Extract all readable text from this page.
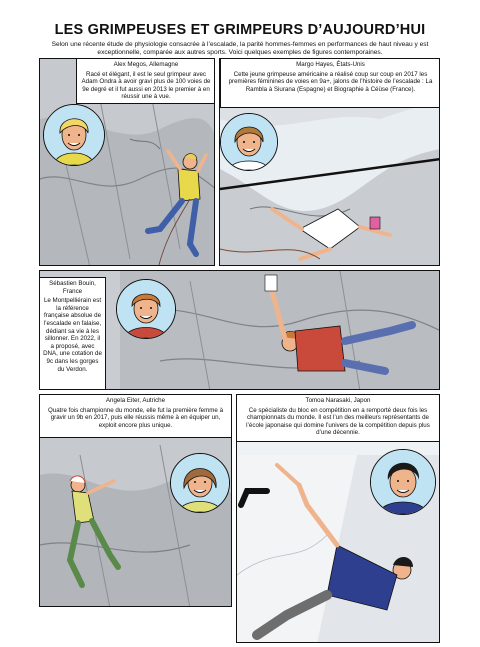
LES GRIMPEUSES ET GRIMPEURS D’AUJOURD’HUI
Selon une récente étude de physiologie consacrée à l’escalade, la parité hommes-femmes en performances de haut niveau y est exceptionnelle, comparée aux autres sports. Voici quelques exemples de figures contemporaines.
Alex Megos, Allemagne
Racé et élégant, il est le seul grimpeur avec Adam Ondra à avoir gravi plus de 100 voies de 9e degré et il fut aussi en 2013 le premier à en réussir une à vue.
Margo Hayes, États-Unis
Cette jeune grimpeuse américaine a réalisé coup sur coup en 2017 les premières féminines de voies en 9a+, jalons de l’histoire de l’escalade : La Rambla à Siurana (Espagne) et Biographie à Céüse (France).
Sébastien Bouin, France
Le Montpelliérain est la référence française absolue de l’escalade en falaise, dédiant sa vie à les sillonner. En 2022, il a proposé, avec DNA, une cotation de 9c dans les gorges du Verdon.
Angela Eiter, Autriche
Quatre fois championne du monde, elle fut la première femme à gravir un 9b en 2017, puis elle réussis même à en équiper un, exploit encore plus unique.
Tomoa Narasaki, Japon
Ce spécialiste du bloc en compétition en a remporté deux fois les championnats du monde. Il est l’un des meilleurs représentants de l’école japonaise qui domine l’univers de la compétition depuis plus d’une décennie.
